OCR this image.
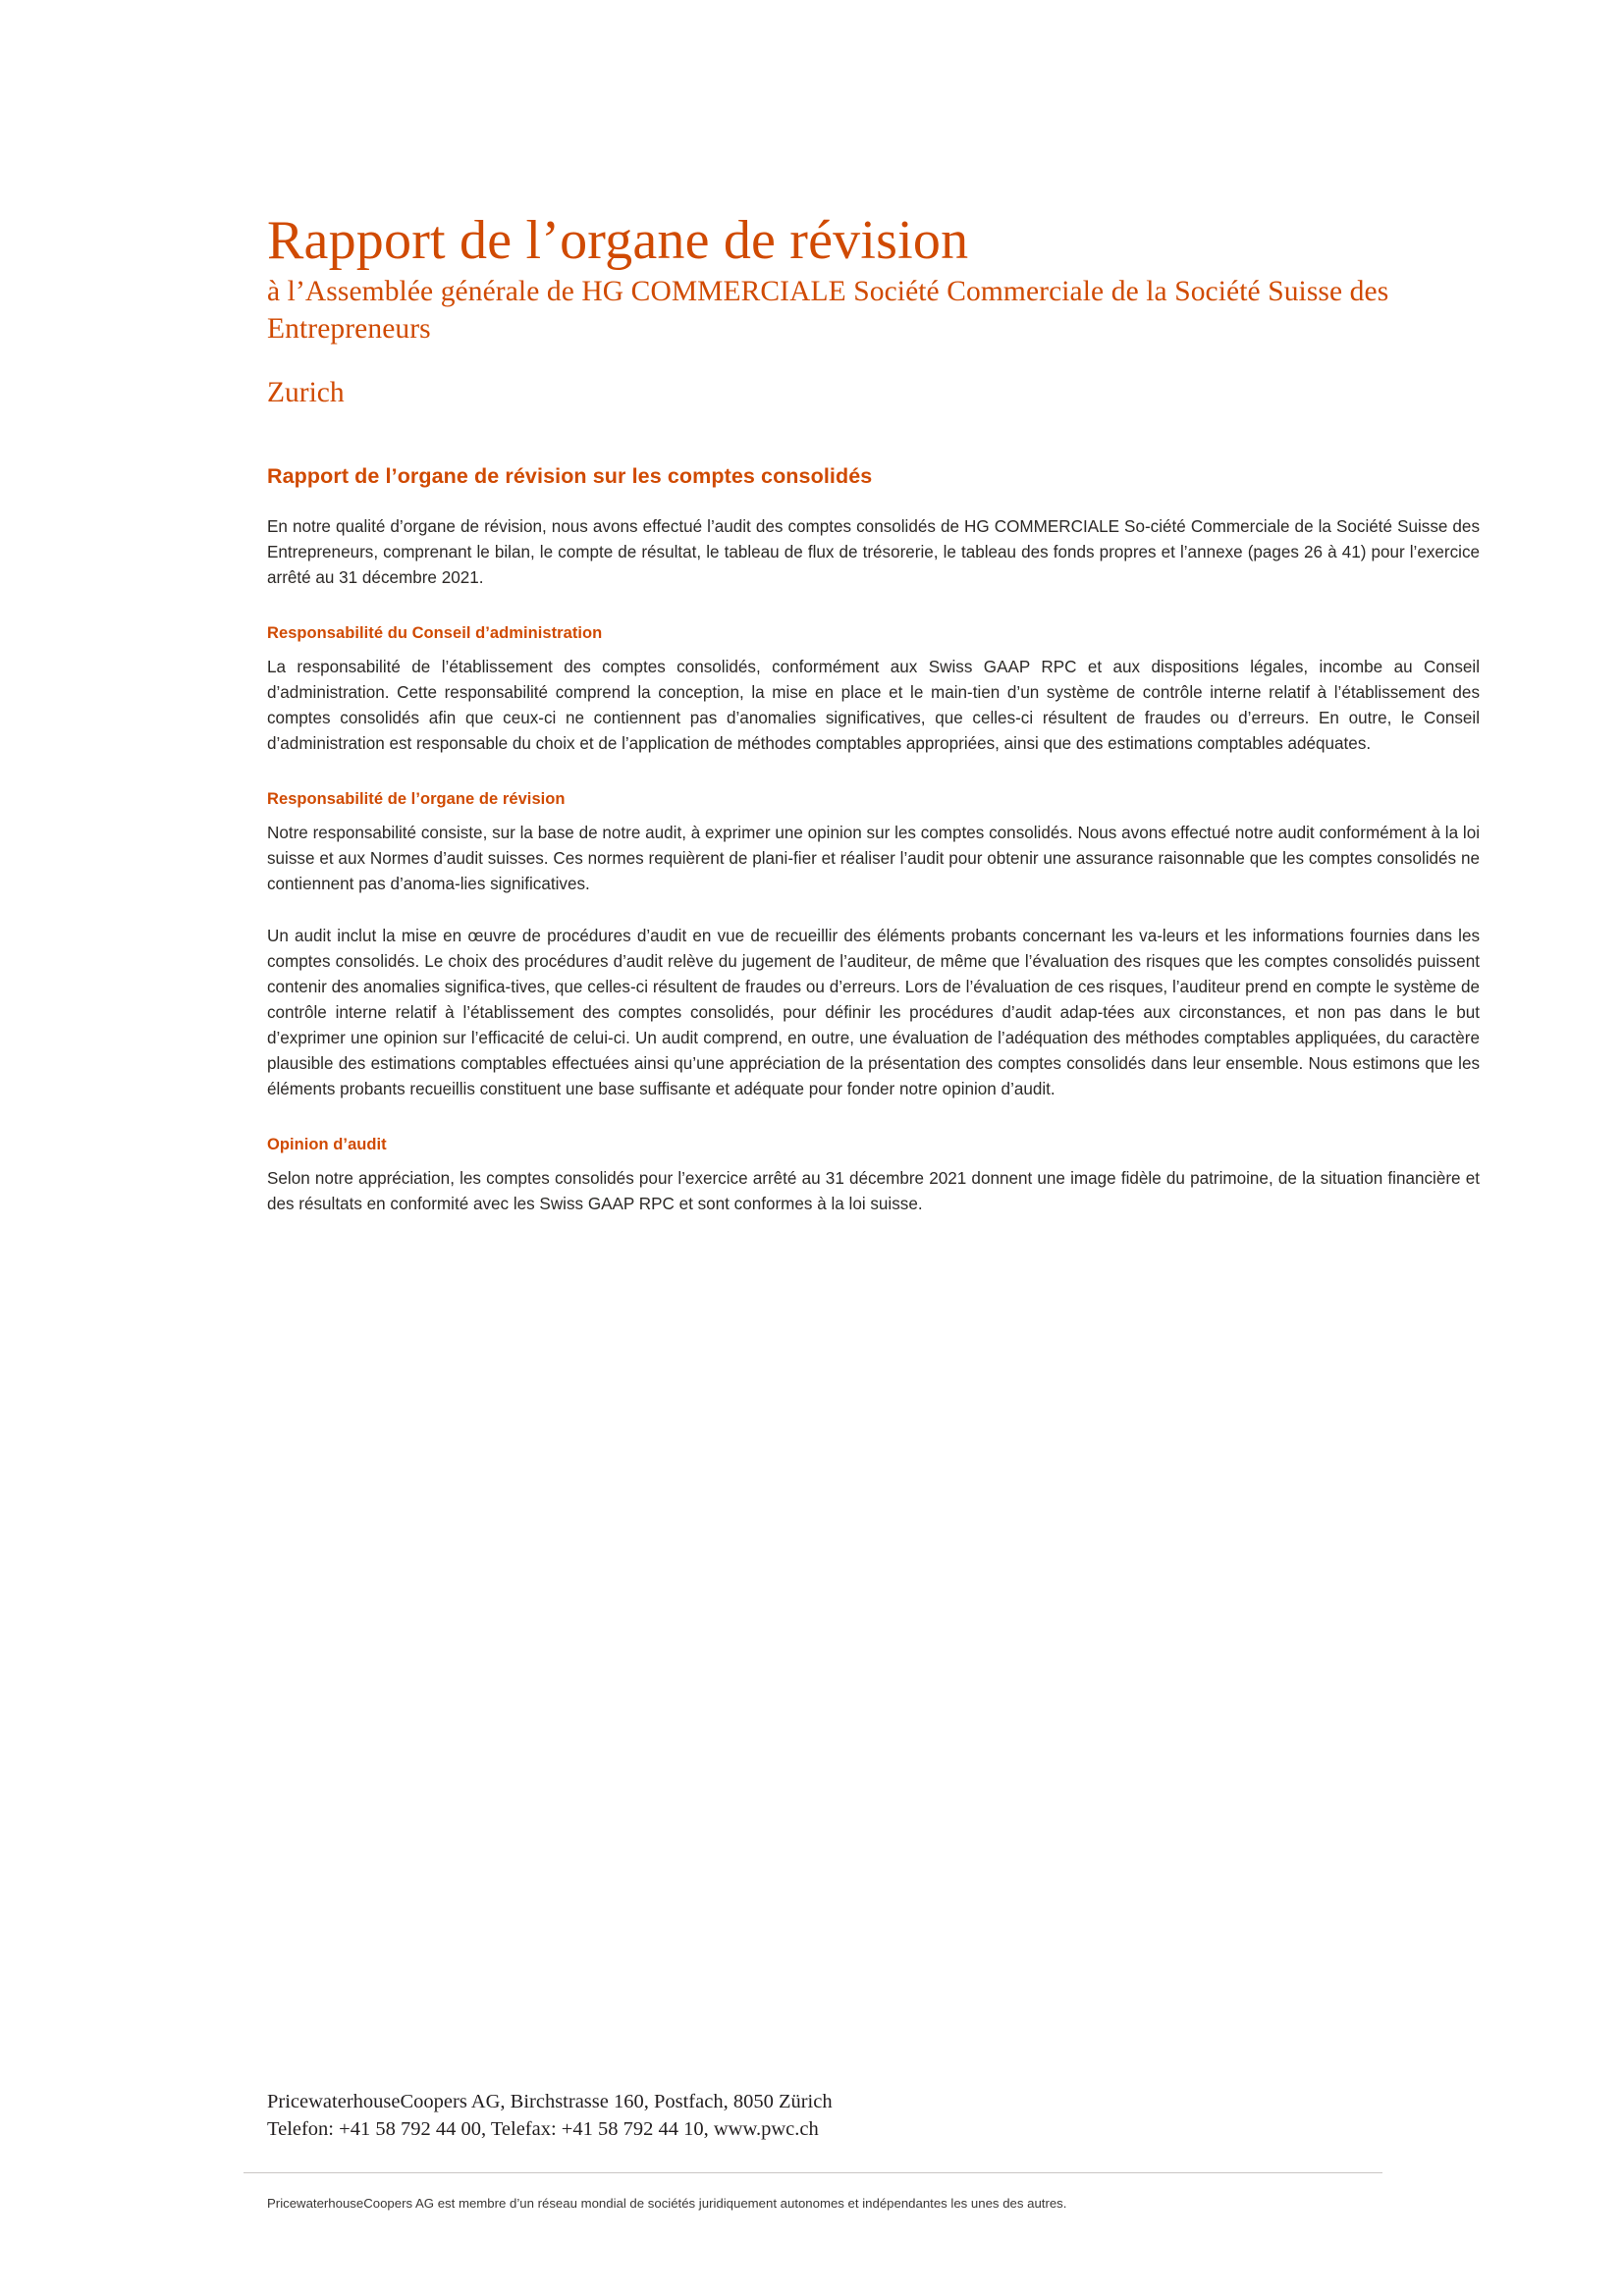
Rapport de l’organe de révision
à l’Assemblée générale de HG COMMERCIALE Société Commerciale de la Société Suisse des Entrepreneurs
Zurich
Rapport de l’organe de révision sur les comptes consolidés

En notre qualité d’organe de révision, nous avons effectué l’audit des comptes consolidés de HG COMMERCIALE So-ciété Commerciale de la Société Suisse des Entrepreneurs, comprenant le bilan, le compte de résultat, le tableau de flux de trésorerie, le tableau des fonds propres et l’annexe (pages 26 à 41) pour l’exercice arrêté au 31 décembre 2021.

Responsabilité du Conseil d’administration

La responsabilité de l’établissement des comptes consolidés, conformément aux Swiss GAAP RPC et aux dispositions légales, incombe au Conseil d’administration. Cette responsabilité comprend la conception, la mise en place et le main-tien d’un système de contrôle interne relatif à l’établissement des comptes consolidés afin que ceux-ci ne contiennent pas d’anomalies significatives, que celles-ci résultent de fraudes ou d’erreurs. En outre, le Conseil d’administration est responsable du choix et de l’application de méthodes comptables appropriées, ainsi que des estimations comptables adéquates.

Responsabilité de l’organe de révision

Notre responsabilité consiste, sur la base de notre audit, à exprimer une opinion sur les comptes consolidés. Nous avons effectué notre audit conformément à la loi suisse et aux Normes d’audit suisses. Ces normes requièrent de plani-fier et réaliser l’audit pour obtenir une assurance raisonnable que les comptes consolidés ne contiennent pas d’anoma-lies significatives.

Un audit inclut la mise en œuvre de procédures d’audit en vue de recueillir des éléments probants concernant les va-leurs et les informations fournies dans les comptes consolidés. Le choix des procédures d’audit relève du jugement de l’auditeur, de même que l’évaluation des risques que les comptes consolidés puissent contenir des anomalies significa-tives, que celles-ci résultent de fraudes ou d’erreurs. Lors de l’évaluation de ces risques, l’auditeur prend en compte le système de contrôle interne relatif à l’établissement des comptes consolidés, pour définir les procédures d’audit adap-tées aux circonstances, et non pas dans le but d’exprimer une opinion sur l’efficacité de celui-ci. Un audit comprend, en outre, une évaluation de l’adéquation des méthodes comptables appliquées, du caractère plausible des estimations comptables effectuées ainsi qu’une appréciation de la présentation des comptes consolidés dans leur ensemble. Nous estimons que les éléments probants recueillis constituent une base suffisante et adéquate pour fonder notre opinion d’audit.

Opinion d’audit

Selon notre appréciation, les comptes consolidés pour l’exercice arrêté au 31 décembre 2021 donnent une image fidèle du patrimoine, de la situation financière et des résultats en conformité avec les Swiss GAAP RPC et sont conformes à la loi suisse.

PricewaterhouseCoopers AG, Birchstrasse 160, Postfach, 8050 Zürich
Telefon: +41 58 792 44 00, Telefax: +41 58 792 44 10, www.pwc.ch
PricewaterhouseCoopers AG est membre d’un réseau mondial de sociétés juridiquement autonomes et indépendantes les unes des autres.
